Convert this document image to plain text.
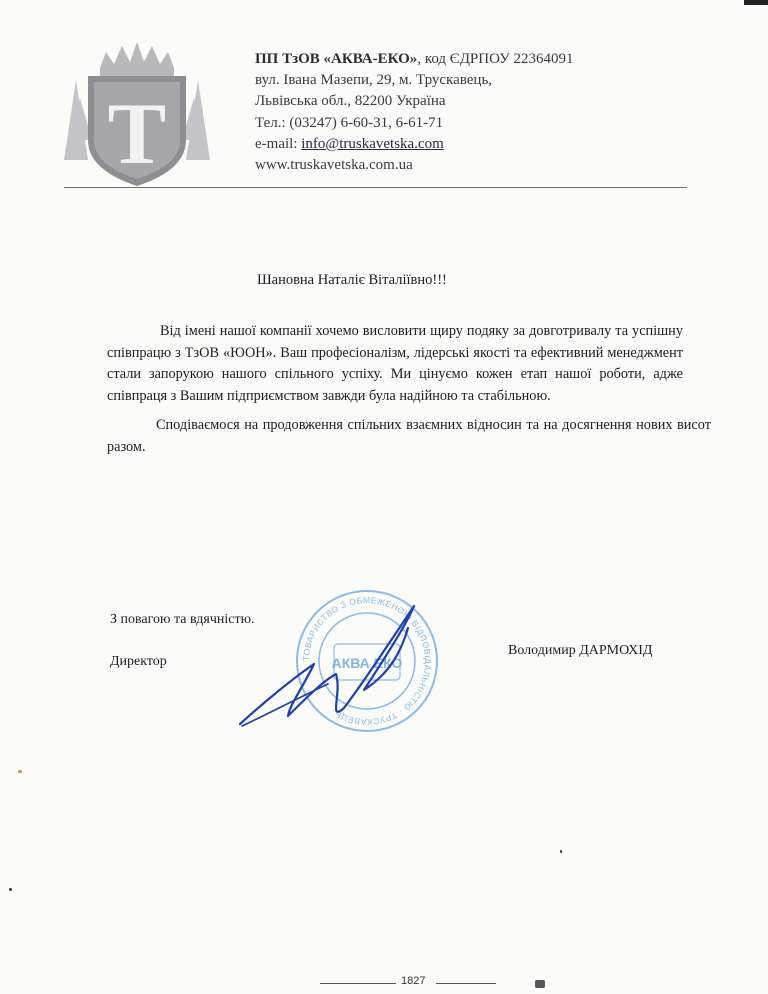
T
ПП ТзОВ «АКВА-ЕКО», код ЄДРПОУ 22364091
вул. Івана Мазепи, 29, м. Трускавець,
Львівська обл., 82200 Україна
Тел.: (03247) 6-60-31, 6-61-71
e-mail: info@truskavetska.com
www.truskavetska.com.ua
Шановна Наталіє Віталіївно!!!
Від імені нашої компанії хочемо висловити щиру подяку за довготривалу та успішну співпрацю з ТзОВ «ЮОН». Ваш професіоналізм, лідерські якості та ефективний менеджмент стали запорукою нашого спільного успіху. Ми цінуємо кожен етап нашої роботи, адже співпраця з Вашим підприємством завжди була надійною та стабільною.
Сподіваємося на продовження спільних взаємних відносин та на досягнення нових висот разом.
З повагою та вдячністю.
Директор
Володимир ДАРМОХІД
ТОВАРИСТВО З ОБМЕЖЕНОЮ ВІДПОВІДАЛЬНІСТЮ · ТРУСКАВЕЦЬ
АКВА ЕКО
1827
